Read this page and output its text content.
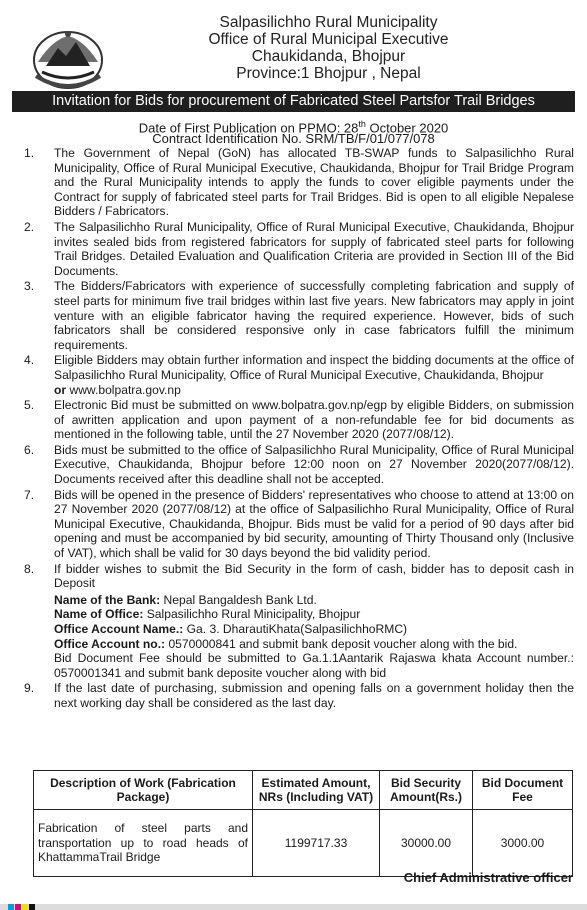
Salpasilichho Rural Municipality
Office of Rural Municipal Executive
Chaukidanda, Bhojpur
Province:1 Bhojpur , Nepal
Invitation for Bids for procurement of Fabricated Steel Partsfor Trail Bridges
Date of First Publication on PPMO: 28th October 2020
Contract Identification No. SRM/TB/F/01/077/078
1. The Government of Nepal (GoN) has allocated TB-SWAP funds to Salpasilichho Rural Municipality, Office of Rural Municipal Executive, Chaukidanda, Bhojpur for Trail Bridge Program and the Rural Municipality intends to apply the funds to cover eligible payments under the Contract for supply of fabricated steel parts for Trail Bridges. Bid is open to all eligible Nepalese Bidders / Fabricators.
2. The Salpasilichho Rural Municipality, Office of Rural Municipal Executive, Chaukidanda, Bhojpur invites sealed bids from registered fabricators for supply of fabricated steel parts for following Trail Bridges. Detailed Evaluation and Qualification Criteria are provided in Section III of the Bid Documents.
3. The Bidders/Fabricators with experience of successfully completing fabrication and supply of steel parts for minimum five trail bridges within last five years. New fabricators may apply in joint venture with an eligible fabricator having the required experience. However, bids of such fabricators shall be considered responsive only in case fabricators fulfill the minimum requirements.
4. Eligible Bidders may obtain further information and inspect the bidding documents at the office of Salpasilichho Rural Municipality, Office of Rural Municipal Executive, Chaukidanda, Bhojpur
or www.bolpatra.gov.np
5. Electronic Bid must be submitted on www.bolpatra.gov.np/egp by eligible Bidders, on submission of awritten application and upon payment of a non-refundable fee for bid documents as mentioned in the following table, until the 27 November 2020 (2077/08/12).
6. Bids must be submitted to the office of Salpasilichho Rural Municipality, Office of Rural Municipal Executive, Chaukidanda, Bhojpur before 12:00 noon on 27 November 2020(2077/08/12). Documents received after this deadline shall not be accepted.
7. Bids will be opened in the presence of Bidders' representatives who choose to attend at 13:00 on 27 November 2020 (2077/08/12) at the office of Salpasilichho Rural Municipality, Office of Rural Municipal Executive, Chaukidanda, Bhojpur. Bids must be valid for a period of 90 days after bid opening and must be accompanied by bid security, amounting of Thirty Thousand only (Inclusive of VAT), which shall be valid for 30 days beyond the bid validity period.
8. If bidder wishes to submit the Bid Security in the form of cash, bidder has to deposit cash in Deposit
Name of the Bank: Nepal Bangaldesh Bank Ltd.
Name of Office: Salpasilichho Rural Minicipality, Bhojpur
Office Account Name.: Ga. 3. DharautiKhata(SalpasilichhoRMC)
Office Account no.: 0570000841 and submit bank deposit voucher along with the bid.
Bid Document Fee should be submitted to Ga.1.1Aantarik Rajaswa khata Account number.: 0570001341 and submit bank deposite voucher along with bid
9. If the last date of purchasing, submission and opening falls on a government holiday then the next working day shall be considered as the last day.
Description of Work (Fabrication Package)	Estimated Amount, NRs (Including VAT)	Bid Security Amount(Rs.)	Bid Document Fee
Fabrication of steel parts and transportation up to road heads of KhattammaTrail Bridge	1199717.33	30000.00	3000.00
Chief Administrative officer
